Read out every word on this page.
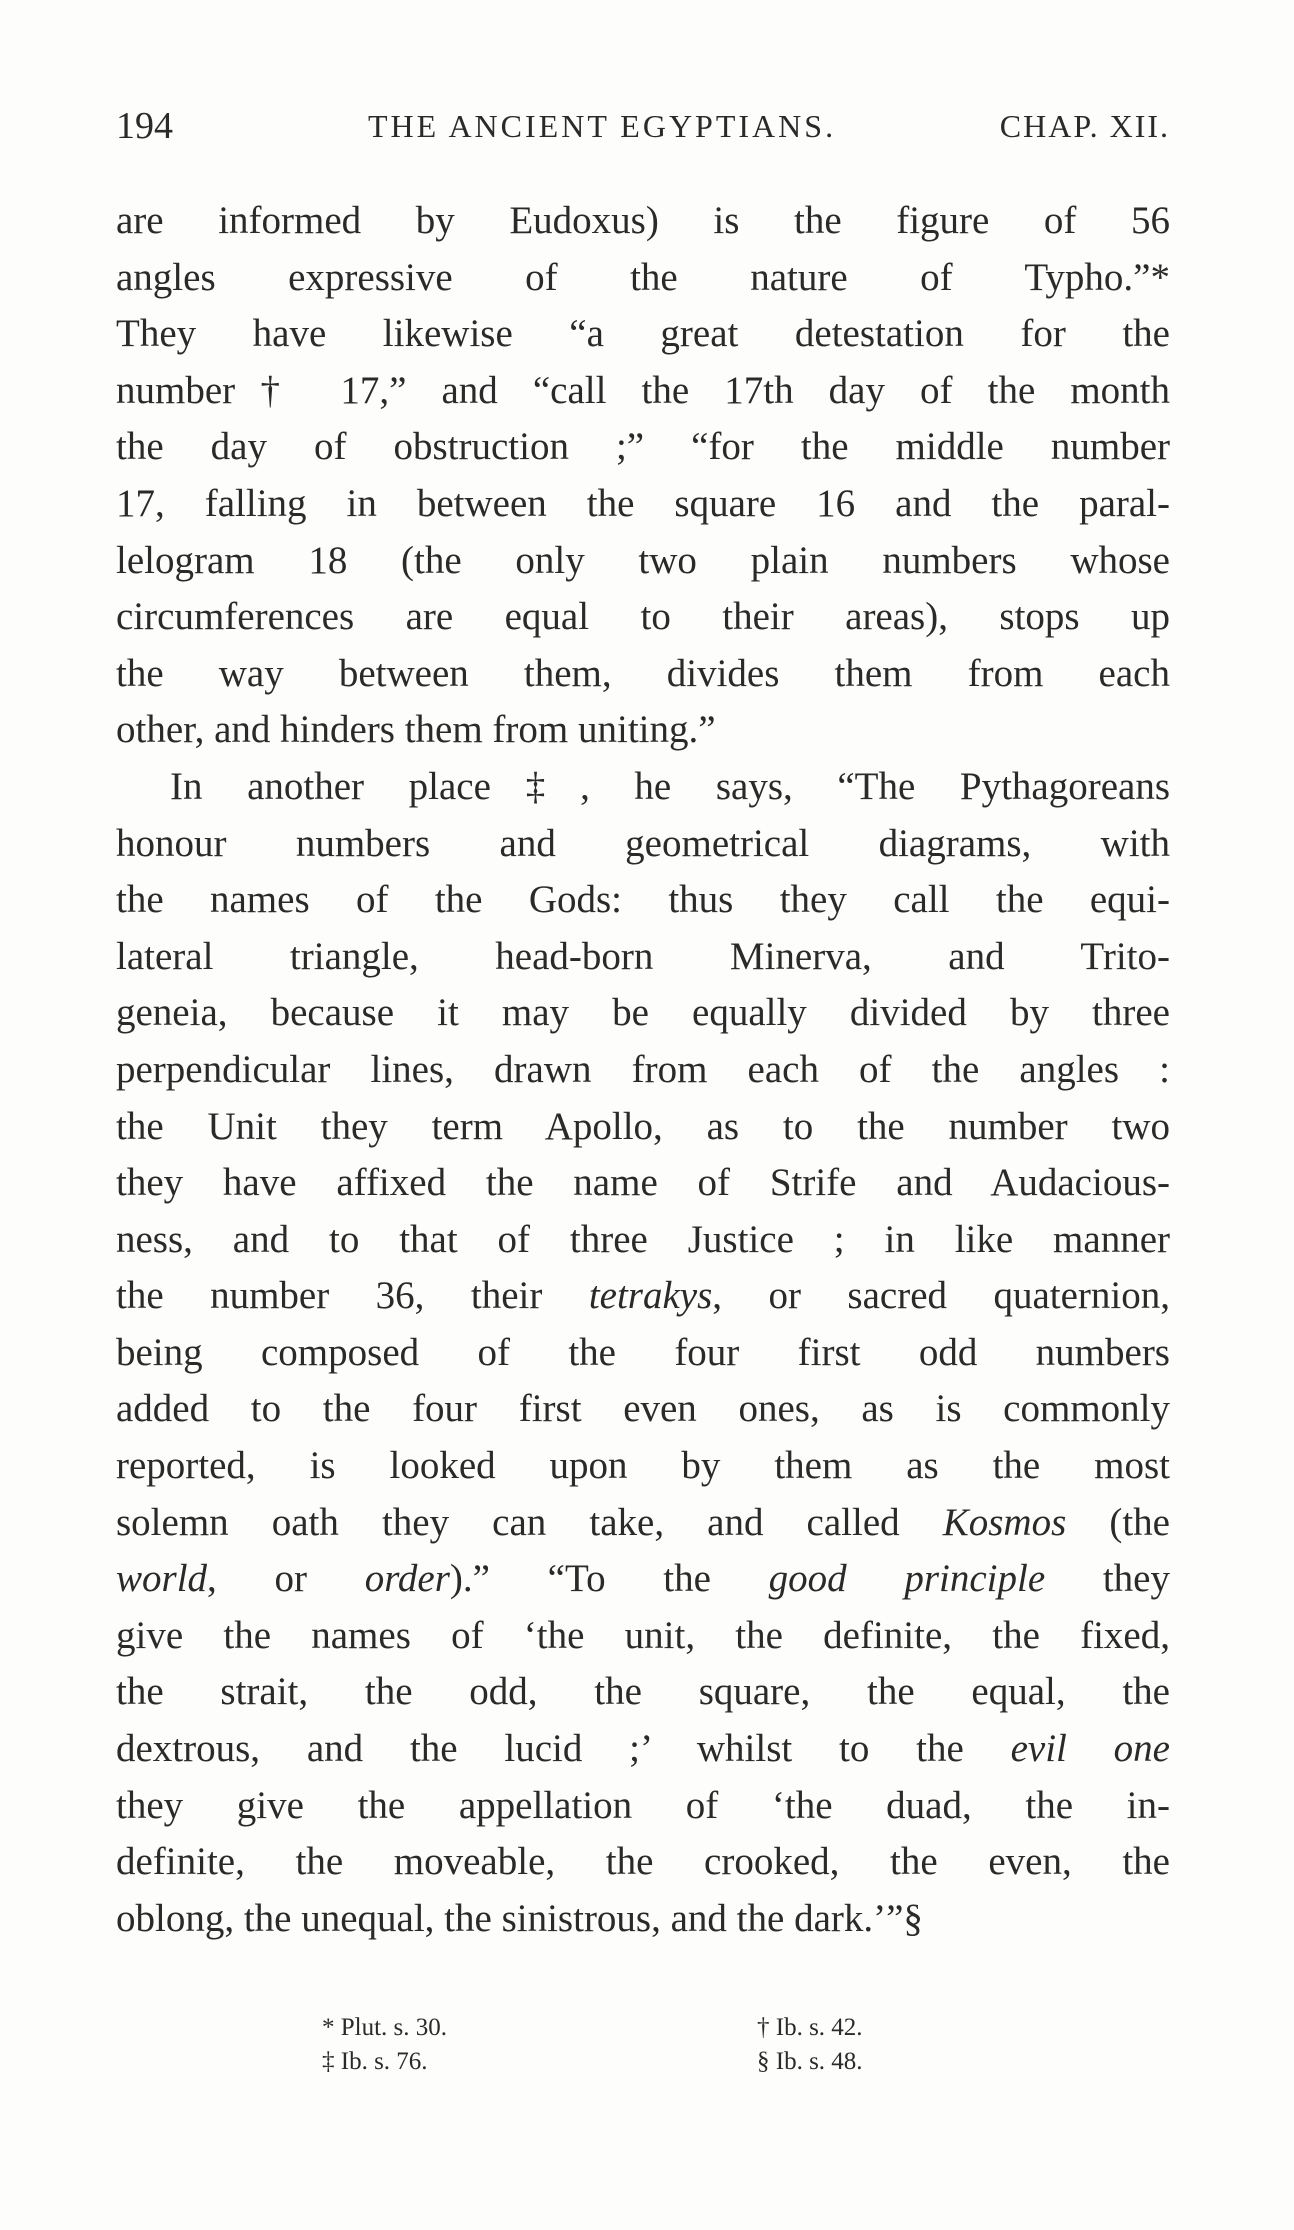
194	THE ANCIENT EGYPTIANS.	CHAP. XII.
are informed by Eudoxus) is the figure of 56
angles expressive of the nature of Typho.”*
They have likewise “a great detestation for the
number† 17,” and “call the 17th day of the month
the day of obstruction ;” “for the middle number
17, falling in between the square 16 and the paral-
lelogram 18 (the only two plain numbers whose
circumferences are equal to their areas), stops up
the way between them, divides them from each
other, and hinders them from uniting.”
In another place‡, he says, “The Pythagoreans
honour numbers and geometrical diagrams, with
the names of the Gods: thus they call the equi-
lateral triangle, head-born Minerva, and Trito-
geneia, because it may be equally divided by three
perpendicular lines, drawn from each of the angles :
the Unit they term Apollo, as to the number two
they have affixed the name of Strife and Audacious-
ness, and to that of three Justice ; in like manner
the number 36, their tetrakys, or sacred quaternion,
being composed of the four first odd numbers
added to the four first even ones, as is commonly
reported, is looked upon by them as the most
solemn oath they can take, and called Kosmos (the
world, or order).” “To the good principle they
give the names of ‘the unit, the definite, the fixed,
the strait, the odd, the square, the equal, the
dextrous, and the lucid ;’ whilst to the evil one
they give the appellation of ‘the duad, the in-
definite, the moveable, the crooked, the even, the
oblong, the unequal, the sinistrous, and the dark.’”§
* Plut. s. 30.	† Ib. s. 42.
‡ Ib. s. 76.	§ Ib. s. 48.
